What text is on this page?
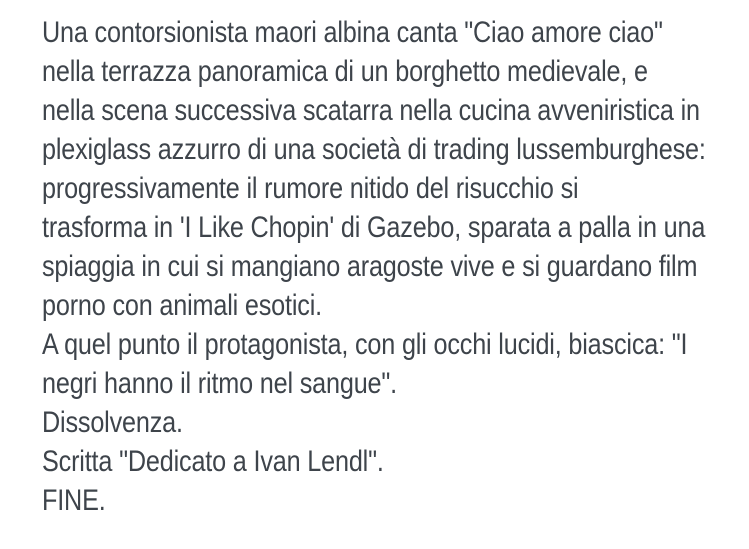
Una contorsionista maori albina canta "Ciao amore ciao"
nella terrazza panoramica di un borghetto medievale, e
nella scena successiva scatarra nella cucina avveniristica in
plexiglass azzurro di una società di trading lussemburghese:
progressivamente il rumore nitido del risucchio si
trasforma in 'I Like Chopin' di Gazebo, sparata a palla in una
spiaggia in cui si mangiano aragoste vive e si guardano film
porno con animali esotici.
A quel punto il protagonista, con gli occhi lucidi, biascica: "I
negri hanno il ritmo nel sangue".
Dissolvenza.
Scritta "Dedicato a Ivan Lendl".
FINE.
